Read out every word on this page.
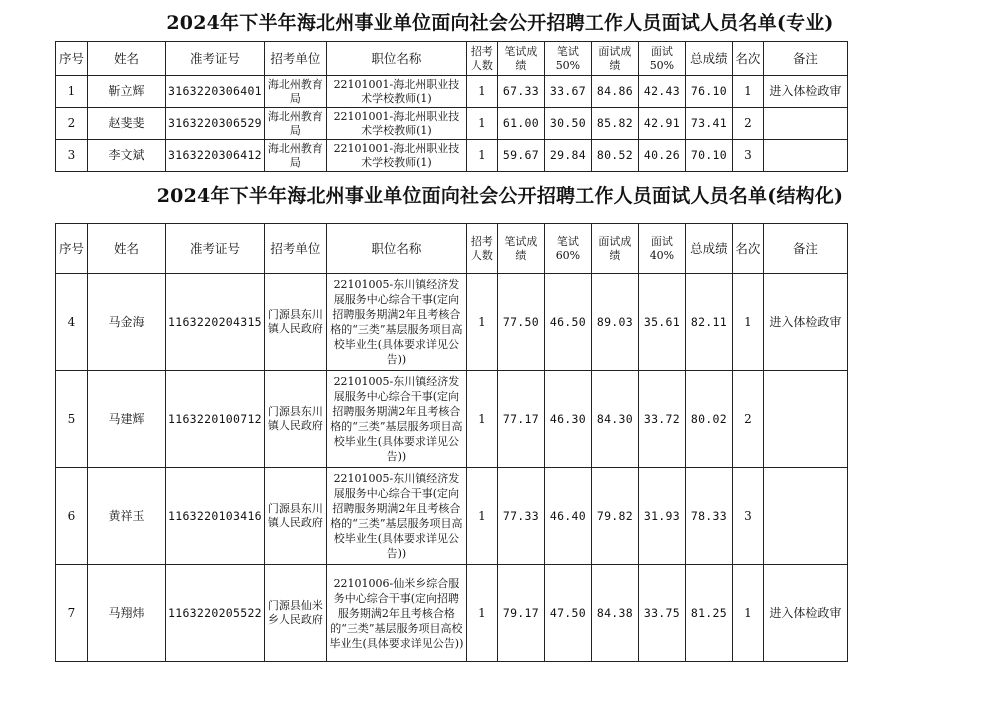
2024年下半年海北州事业单位面向社会公开招聘工作人员面试人员名单(专业)
序号	姓名	准考证号	招考单位	职位名称	招考人数	笔试成绩	笔试50%	面试成绩	面试50%	总成绩	名次	备注
1	靳立辉	3163220306401	海北州教育局	22101001-海北州职业技术学校教师(1)	1	67.33	33.67	84.86	42.43	76.10	1	进入体检政审
2	赵斐斐	3163220306529	海北州教育局	22101001-海北州职业技术学校教师(1)	1	61.00	30.50	85.82	42.91	73.41	2	
3	李文斌	3163220306412	海北州教育局	22101001-海北州职业技术学校教师(1)	1	59.67	29.84	80.52	40.26	70.10	3	
2024年下半年海北州事业单位面向社会公开招聘工作人员面试人员名单(结构化)
序号	姓名	准考证号	招考单位	职位名称	招考人数	笔试成绩	笔试60%	面试成绩	面试40%	总成绩	名次	备注
4	马金海	1163220204315	门源县东川镇人民政府	22101005-东川镇经济发展服务中心综合干事(定向招聘服务期满2年且考核合格的“三类”基层服务项目高校毕业生(具体要求详见公告))	1	77.50	46.50	89.03	35.61	82.11	1	进入体检政审
5	马建辉	1163220100712	门源县东川镇人民政府	22101005-东川镇经济发展服务中心综合干事(定向招聘服务期满2年且考核合格的“三类”基层服务项目高校毕业生(具体要求详见公告))	1	77.17	46.30	84.30	33.72	80.02	2	
6	黄祥玉	1163220103416	门源县东川镇人民政府	22101005-东川镇经济发展服务中心综合干事(定向招聘服务期满2年且考核合格的“三类”基层服务项目高校毕业生(具体要求详见公告))	1	77.33	46.40	79.82	31.93	78.33	3	
7	马翔炜	1163220205522	门源县仙米乡人民政府	22101006-仙米乡综合服务中心综合干事(定向招聘服务期满2年且考核合格的“三类”基层服务项目高校毕业生(具体要求详见公告))	1	79.17	47.50	84.38	33.75	81.25	1	进入体检政审
